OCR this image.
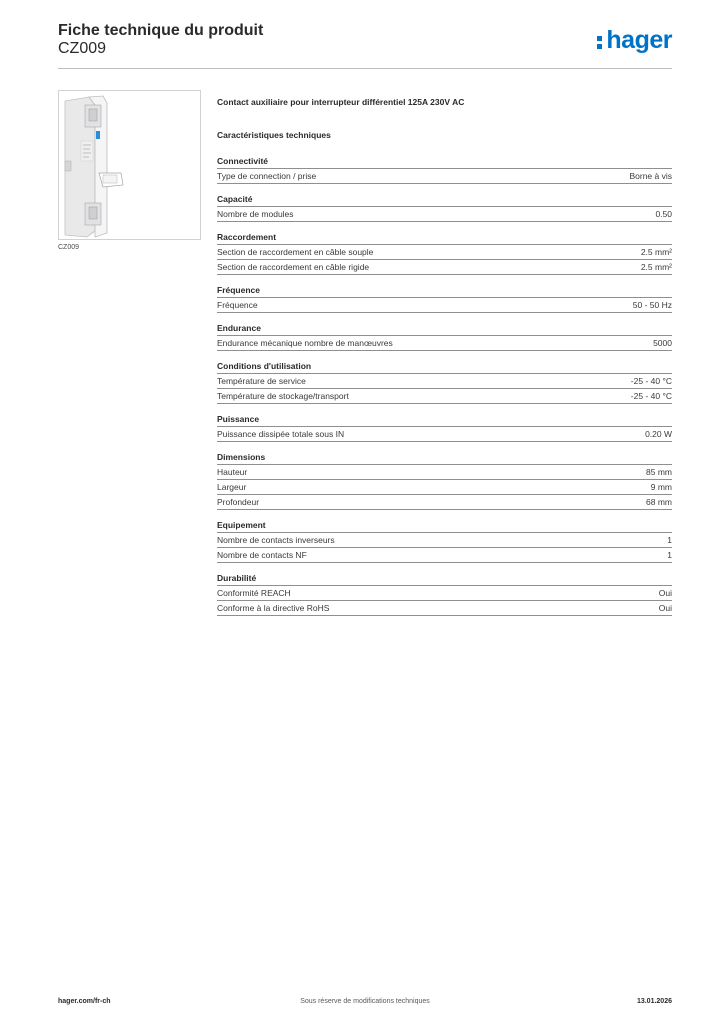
Fiche technique du produit
CZ009	hager
CZ009
Contact auxiliaire pour interrupteur différentiel 125A 230V AC
Caractéristiques techniques
Connectivité
Type de connection / prise	Borne à vis
Capacité
Nombre de modules	0.50
Raccordement
Section de raccordement en câble souple	2.5 mm²
Section de raccordement en câble rigide	2.5 mm²
Fréquence
Fréquence	50 - 50 Hz
Endurance
Endurance mécanique nombre de manœuvres	5000
Conditions d'utilisation
Température de service	-25 - 40 °C
Température de stockage/transport	-25 - 40 °C
Puissance
Puissance dissipée totale sous IN	0.20 W
Dimensions
Hauteur	85 mm
Largeur	9 mm
Profondeur	68 mm
Equipement
Nombre de contacts inverseurs	1
Nombre de contacts NF	1
Durabilité
Conformité REACH	Oui
Conforme à la directive RoHS	Oui
hager.com/fr-ch	Sous réserve de modifications techniques	13.01.2026
